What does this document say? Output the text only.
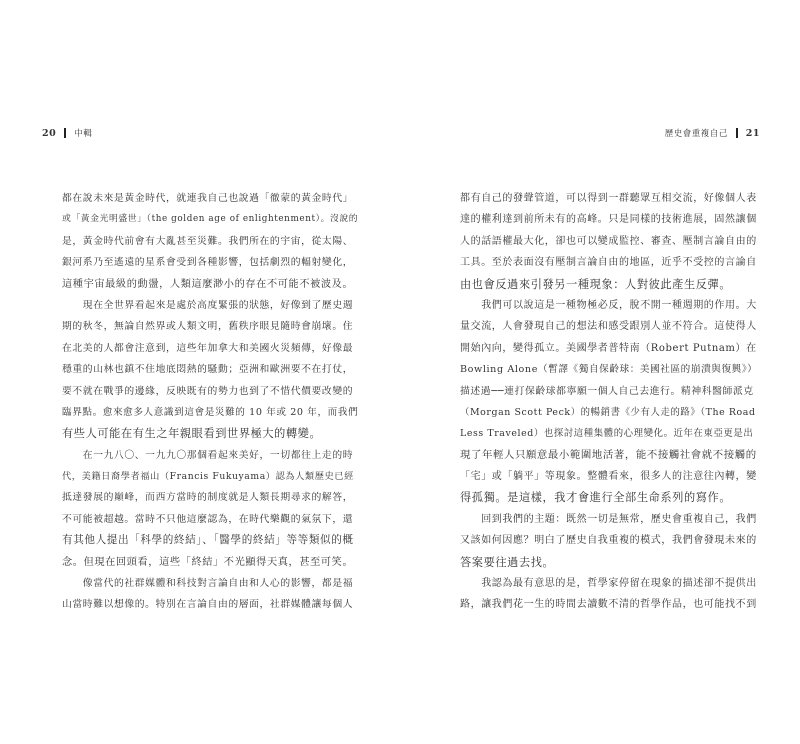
20 中輯
都在說未來是黃金時代，就連我自己也說過「徹蒙的黃金時代」
或「黃金光明盛世」（the golden age of enlightenment）。沒說的
是，黃金時代前會有大亂甚至災難。我們所在的宇宙，從太陽、
銀河系乃至遙遠的星系會受到各種影響，包括劇烈的輻射變化，
這種宇宙最級的動盪，人類這麼渺小的存在不可能不被波及。
　　現在全世界看起來是處於高度緊張的狀態，好像到了歷史週
期的秋冬，無論自然界或人類文明，舊秩序眼見隨時會崩壞。住
在北美的人都會注意到，這些年加拿大和美國火災頻傳，好像最
穩重的山林也鎮不住地底悶熱的騷動；亞洲和歐洲要不在打仗，
要不就在戰爭的邊緣，反映既有的勢力也到了不惜代價要改變的
臨界點。愈來愈多人意識到這會是災難的 10 年或 20 年，而我們
有些人可能在有生之年親眼看到世界極大的轉變。
　　在一九八〇、一九九〇那個看起來美好，一切都往上走的時
代，美籍日裔學者福山（Francis Fukuyama）認為人類歷史已經
抵達發展的巔峰，而西方當時的制度就是人類長期尋求的解答，
不可能被超越。當時不只他這麼認為，在時代樂觀的氣氛下，還
有其他人提出「科學的終結」、「醫學的終結」等等類似的概
念。但現在回頭看，這些「終結」不光顯得天真，甚至可笑。
　　像當代的社群媒體和科技對言論自由和人心的影響，都是福
山當時難以想像的。特別在言論自由的層面，社群媒體讓每個人
歷史會重複自己 21
都有自己的發聲管道，可以得到一群聽眾互相交流，好像個人表
達的權利達到前所未有的高峰。只是同樣的技術進展，固然讓個
人的話語權最大化，卻也可以變成監控、審查、壓制言論自由的
工具。至於表面沒有壓制言論自由的地區，近乎不受控的言論自
由也會反過來引發另一種現象：人對彼此產生反彈。
　　我們可以說這是一種物極必反，脫不開一種週期的作用。大
量交流，人會發現自己的想法和感受跟別人並不符合。這使得人
開始內向，變得孤立。美國學者普特南（Robert Putnam）在
Bowling Alone（暫譯《獨自保齡球：美國社區的崩潰與復興》）
描述過──連打保齡球都寧願一個人自己去進行。精神科醫師派克
（Morgan Scott Peck）的暢銷書《少有人走的路》（The Road
Less Traveled）也探討這種集體的心理變化。近年在東亞更是出
現了年輕人只願意最小範圍地活著，能不接觸社會就不接觸的
「宅」或「躺平」等現象。整體看來，很多人的注意往內轉，變
得孤獨。是這樣，我才會進行全部生命系列的寫作。
　　回到我們的主題：既然一切是無常，歷史會重複自己，我們
又該如何因應？明白了歷史自我重複的模式，我們會發現未來的
答案要往過去找。
　　我認為最有意思的是，哲學家停留在現象的描述卻不提供出
路，讓我們花一生的時間去讀數不清的哲學作品，也可能找不到
